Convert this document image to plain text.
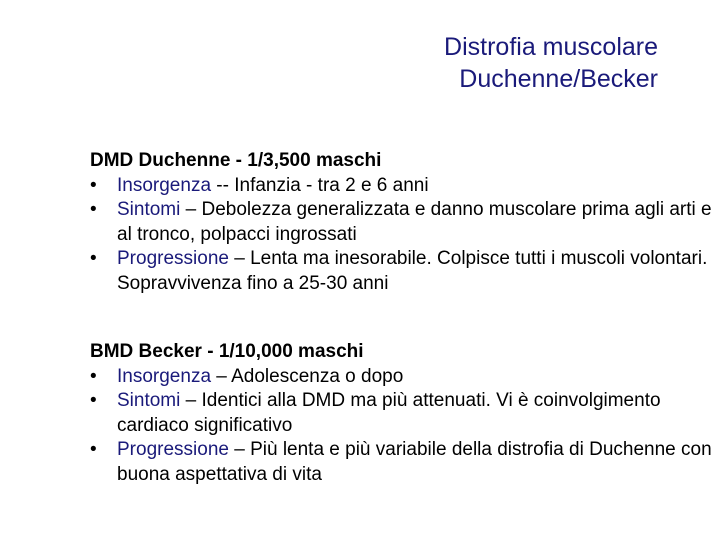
Distrofia muscolare
Duchenne/Becker
DMD Duchenne - 1/3,500 maschi
•	Insorgenza -- Infanzia - tra 2 e 6 anni
•	Sintomi – Debolezza generalizzata e danno muscolare prima agli arti e al tronco, polpacci ingrossati
•	Progressione – Lenta ma inesorabile. Colpisce tutti i muscoli volontari. Sopravvivenza fino a 25-30 anni
BMD Becker - 1/10,000 maschi
•	Insorgenza – Adolescenza o dopo
•	Sintomi – Identici alla DMD ma più attenuati. Vi è coinvolgimento cardiaco significativo
•	Progressione – Più lenta e più variabile della distrofia di Duchenne con buona aspettativa di vita
